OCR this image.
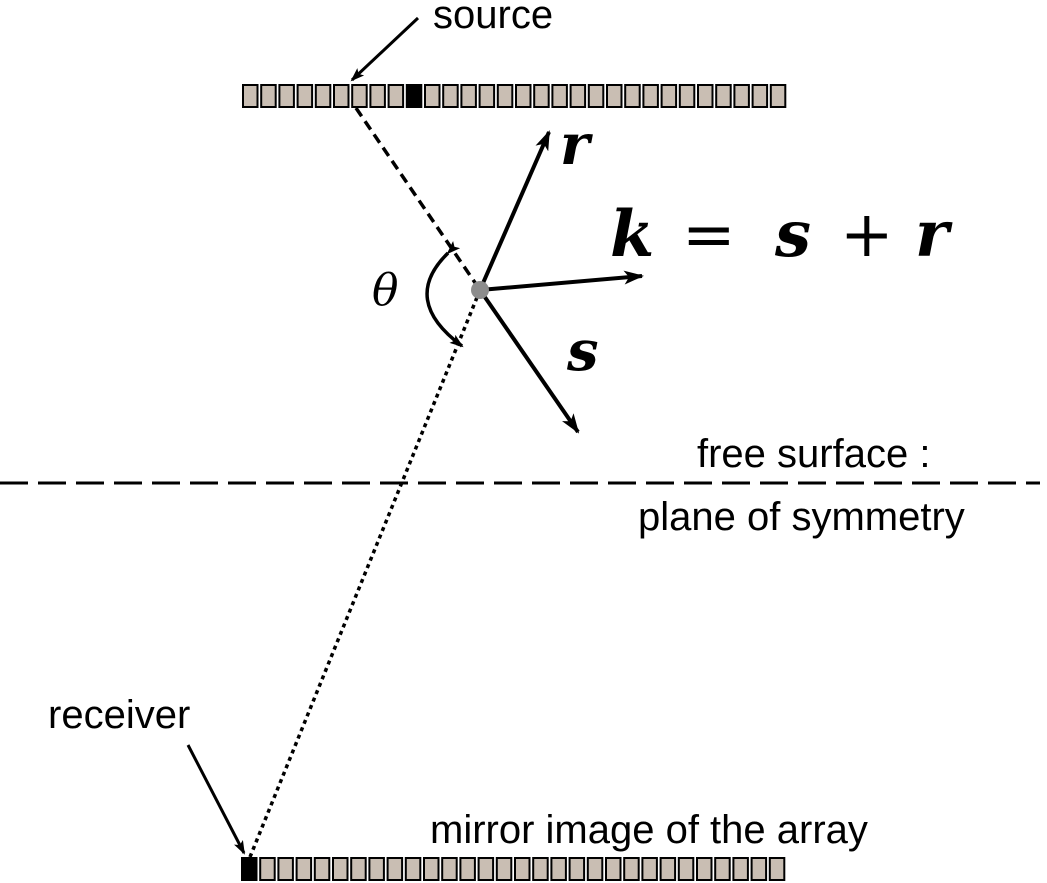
source
receiver
free surface :
plane of symmetry
mirror image of the array
r
s
θ
k = s + r
